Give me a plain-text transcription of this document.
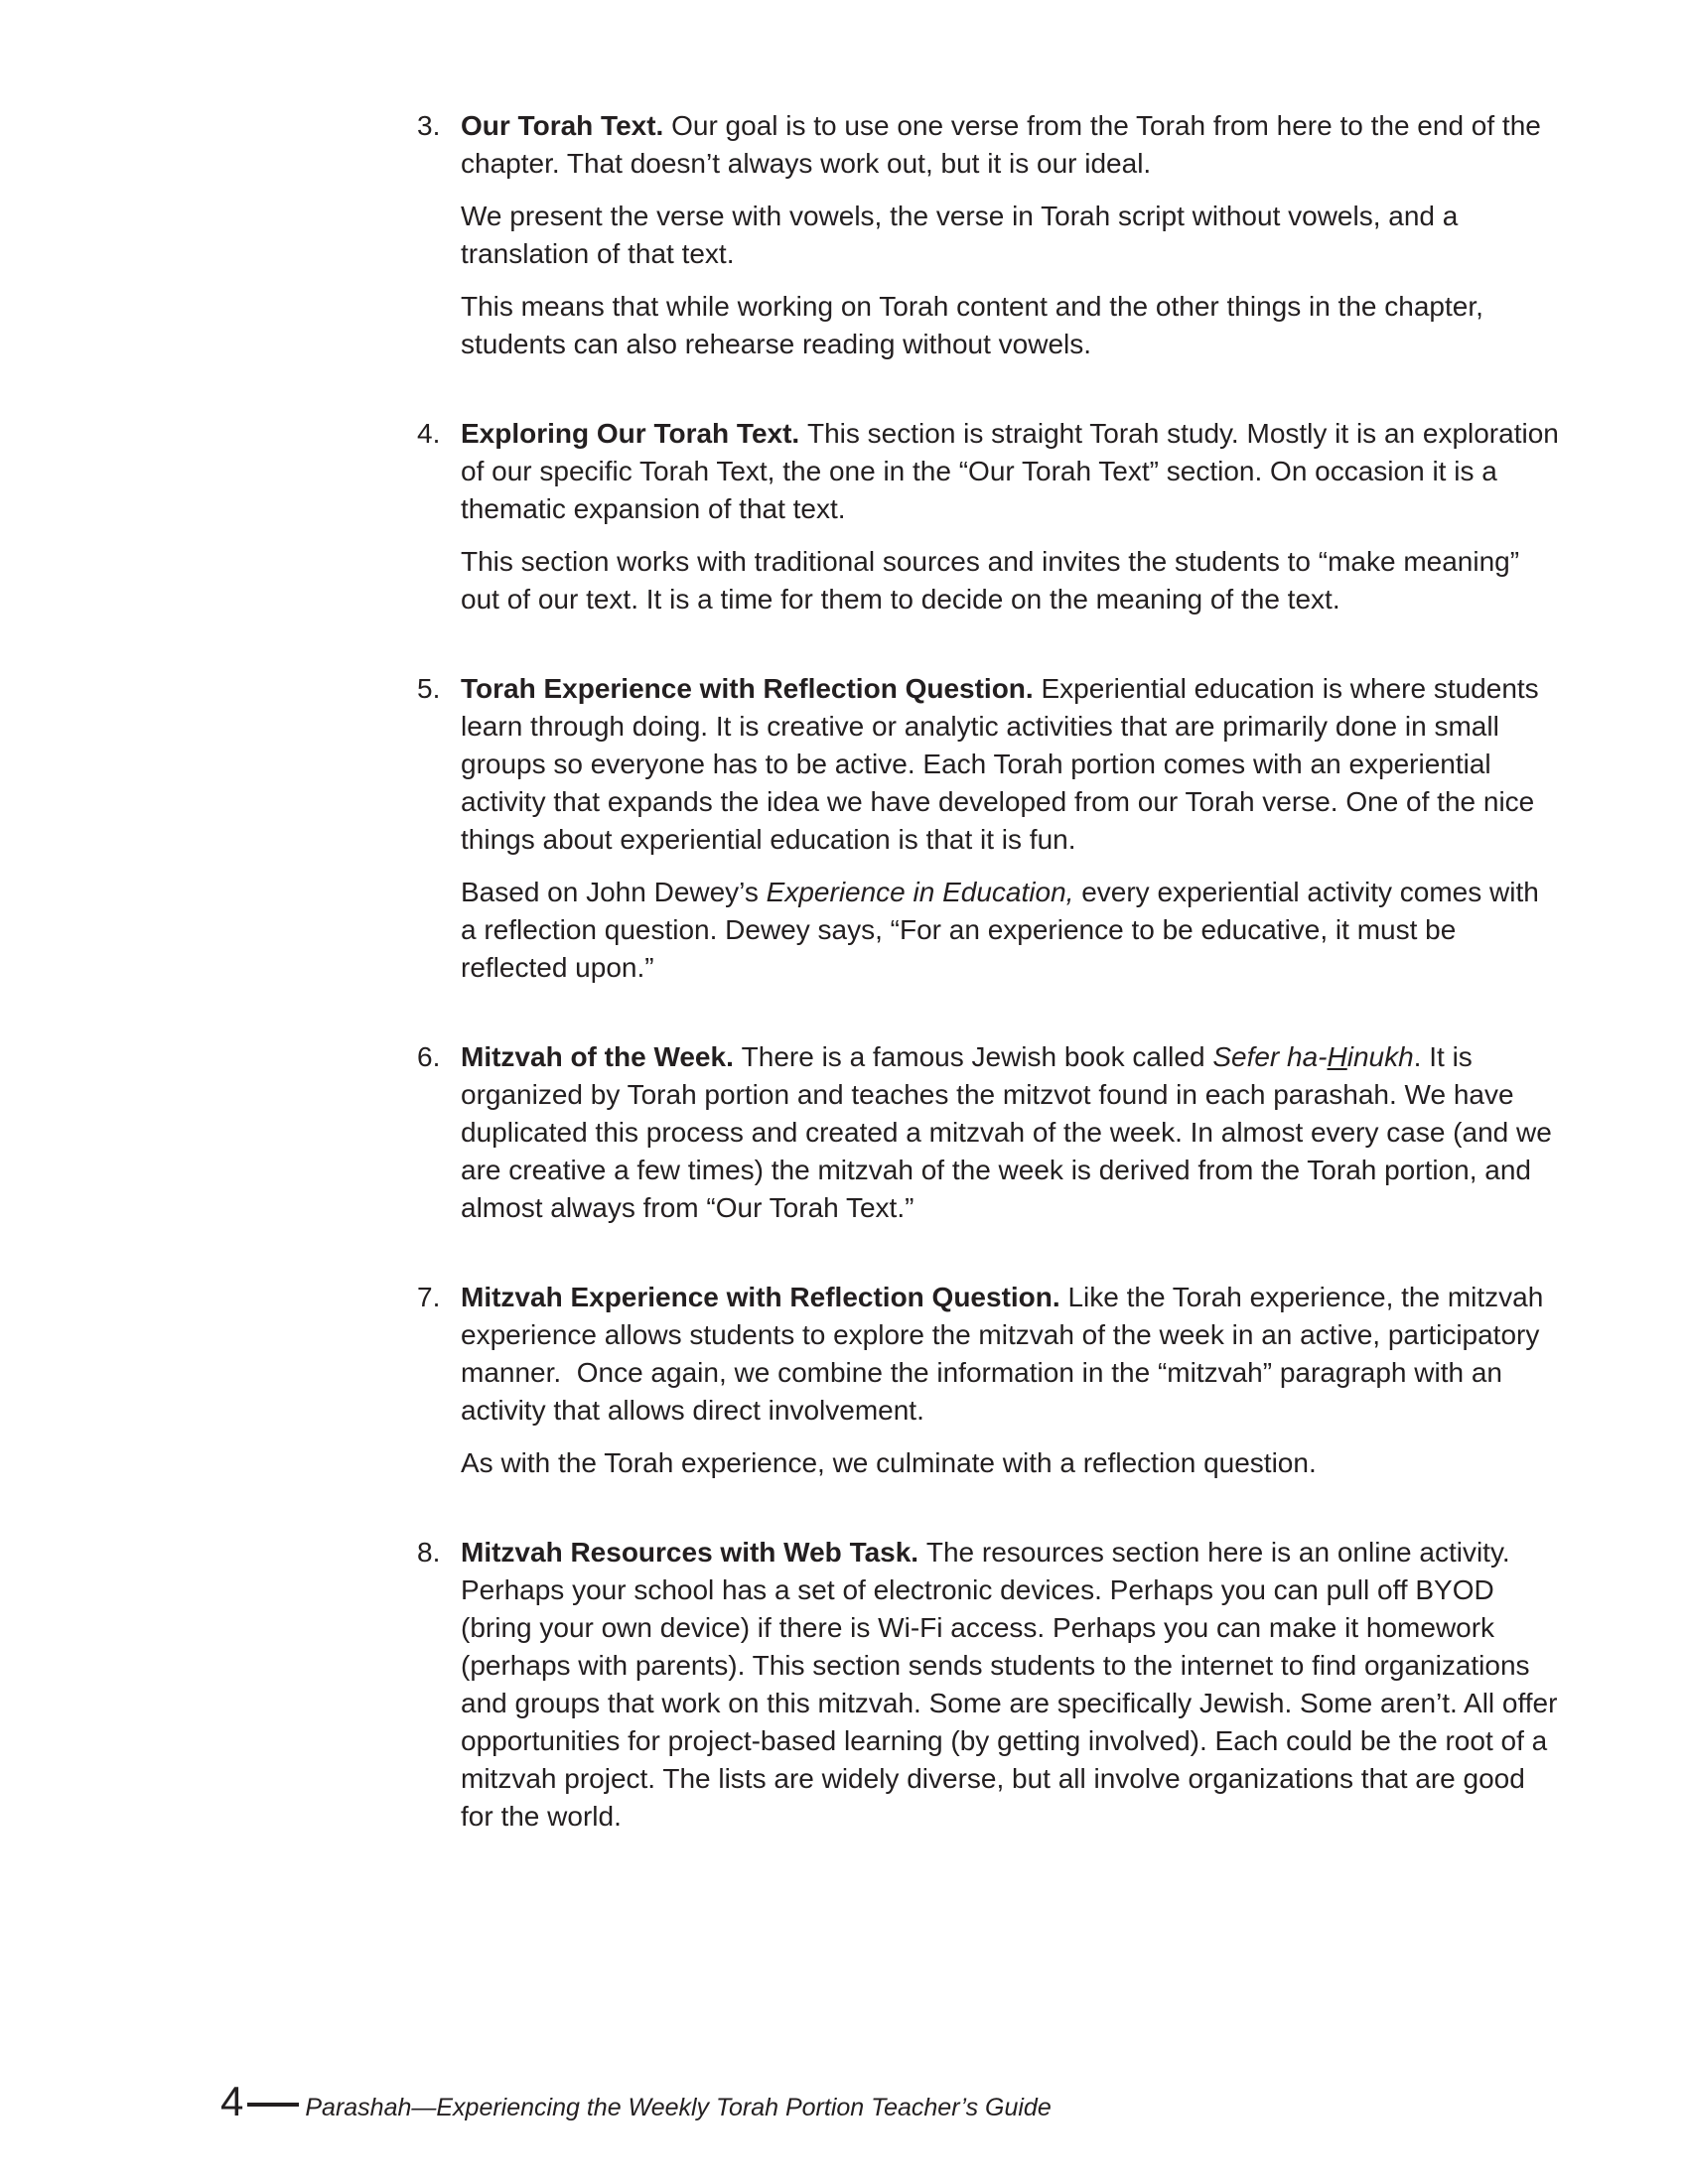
3. Our Torah Text. Our goal is to use one verse from the Torah from here to the end of the chapter. That doesn’t always work out, but it is our ideal.

We present the verse with vowels, the verse in Torah script without vowels, and a translation of that text.

This means that while working on Torah content and the other things in the chapter, students can also rehearse reading without vowels.

4. Exploring Our Torah Text. This section is straight Torah study. Mostly it is an exploration of our specific Torah Text, the one in the “Our Torah Text” section. On occasion it is a thematic expansion of that text.

This section works with traditional sources and invites the students to “make meaning” out of our text. It is a time for them to decide on the meaning of the text.

5. Torah Experience with Reflection Question. Experiential education is where students learn through doing. It is creative or analytic activities that are primarily done in small groups so everyone has to be active. Each Torah portion comes with an experiential activity that expands the idea we have developed from our Torah verse. One of the nice things about experiential education is that it is fun.

Based on John Dewey’s Experience in Education, every experiential activity comes with a reflection question. Dewey says, “For an experience to be educative, it must be reflected upon.”

6. Mitzvah of the Week. There is a famous Jewish book called Sefer ha-Hinukh. It is organized by Torah portion and teaches the mitzvot found in each parashah. We have duplicated this process and created a mitzvah of the week. In almost every case (and we are creative a few times) the mitzvah of the week is derived from the Torah portion, and almost always from “Our Torah Text.”

7. Mitzvah Experience with Reflection Question. Like the Torah experience, the mitzvah experience allows students to explore the mitzvah of the week in an active, participatory manner.  Once again, we combine the information in the “mitzvah” paragraph with an activity that allows direct involvement.

As with the Torah experience, we culminate with a reflection question.

8. Mitzvah Resources with Web Task. The resources section here is an online activity. Perhaps your school has a set of electronic devices. Perhaps you can pull off BYOD (bring your own device) if there is Wi-Fi access. Perhaps you can make it homework (perhaps with parents). This section sends students to the internet to find organizations and groups that work on this mitzvah. Some are specifically Jewish. Some aren’t. All offer opportunities for project-based learning (by getting involved). Each could be the root of a mitzvah project. The lists are widely diverse, but all involve organizations that are good for the world.

4 Parashah—Experiencing the Weekly Torah Portion Teacher’s Guide
